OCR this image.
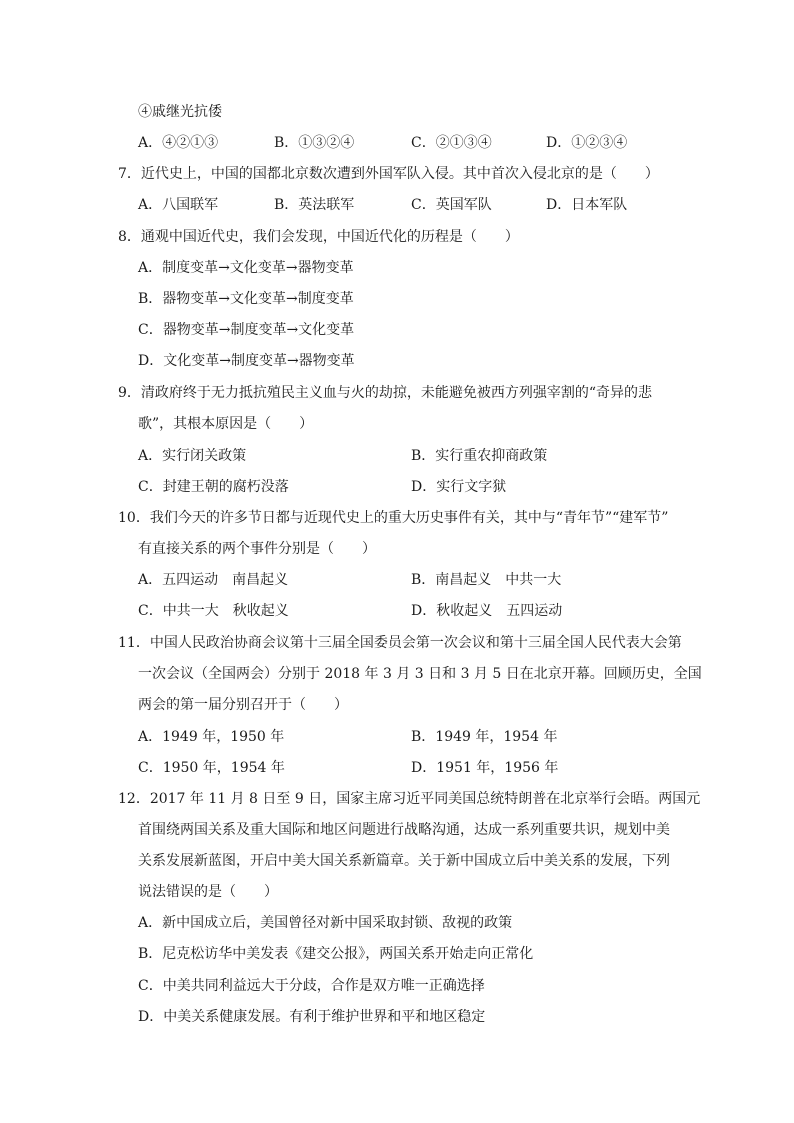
④戚继光抗倭
A．④②①③	B．①③②④	C．②①③④	D．①②③④
7．近代史上，中国的国都北京数次遭到外国军队入侵。其中首次入侵北京的是（　　）
A．八国联军	B．英法联军	C．英国军队	D．日本军队
8．通观中国近代史，我们会发现，中国近代化的历程是（　　）
A．制度变革→文化变革→器物变革
B．器物变革→文化变革→制度变革
C．器物变革→制度变革→文化变革
D．文化变革→制度变革→器物变革
9．清政府终于无力抵抗殖民主义血与火的劫掠，未能避免被西方列强宰割的“奇异的悲
歌”，其根本原因是（　　）
A．实行闭关政策	B．实行重农抑商政策
C．封建王朝的腐朽没落	D．实行文字狱
10．我们今天的许多节日都与近现代史上的重大历史事件有关，其中与“青年节”“建军节”
有直接关系的两个事件分别是（　　）
A．五四运动　南昌起义	B．南昌起义　中共一大
C．中共一大　秋收起义	D．秋收起义　五四运动
11．中国人民政治协商会议第十三届全国委员会第一次会议和第十三届全国人民代表大会第
一次会议（全国两会）分别于 2018 年 3 月 3 日和 3 月 5 日在北京开幕。回顾历史，全国
两会的第一届分别召开于（　　）
A．1949 年，1950 年	B．1949 年，1954 年
C．1950 年，1954 年	D．1951 年，1956 年
12．2017 年 11 月 8 日至 9 日，国家主席习近平同美国总统特朗普在北京举行会晤。两国元
首围绕两国关系及重大国际和地区问题进行战略沟通，达成一系列重要共识，规划中美
关系发展新蓝图，开启中美大国关系新篇章。关于新中国成立后中美关系的发展，下列
说法错误的是（　　）
A．新中国成立后，美国曾径对新中国采取封锁、敌视的政策
B．尼克松访华中美发表《建交公报》，两国关系开始走向正常化
C．中美共同利益远大于分歧，合作是双方唯一正确选择
D．中美关系健康发展。有利于维护世界和平和地区稳定
